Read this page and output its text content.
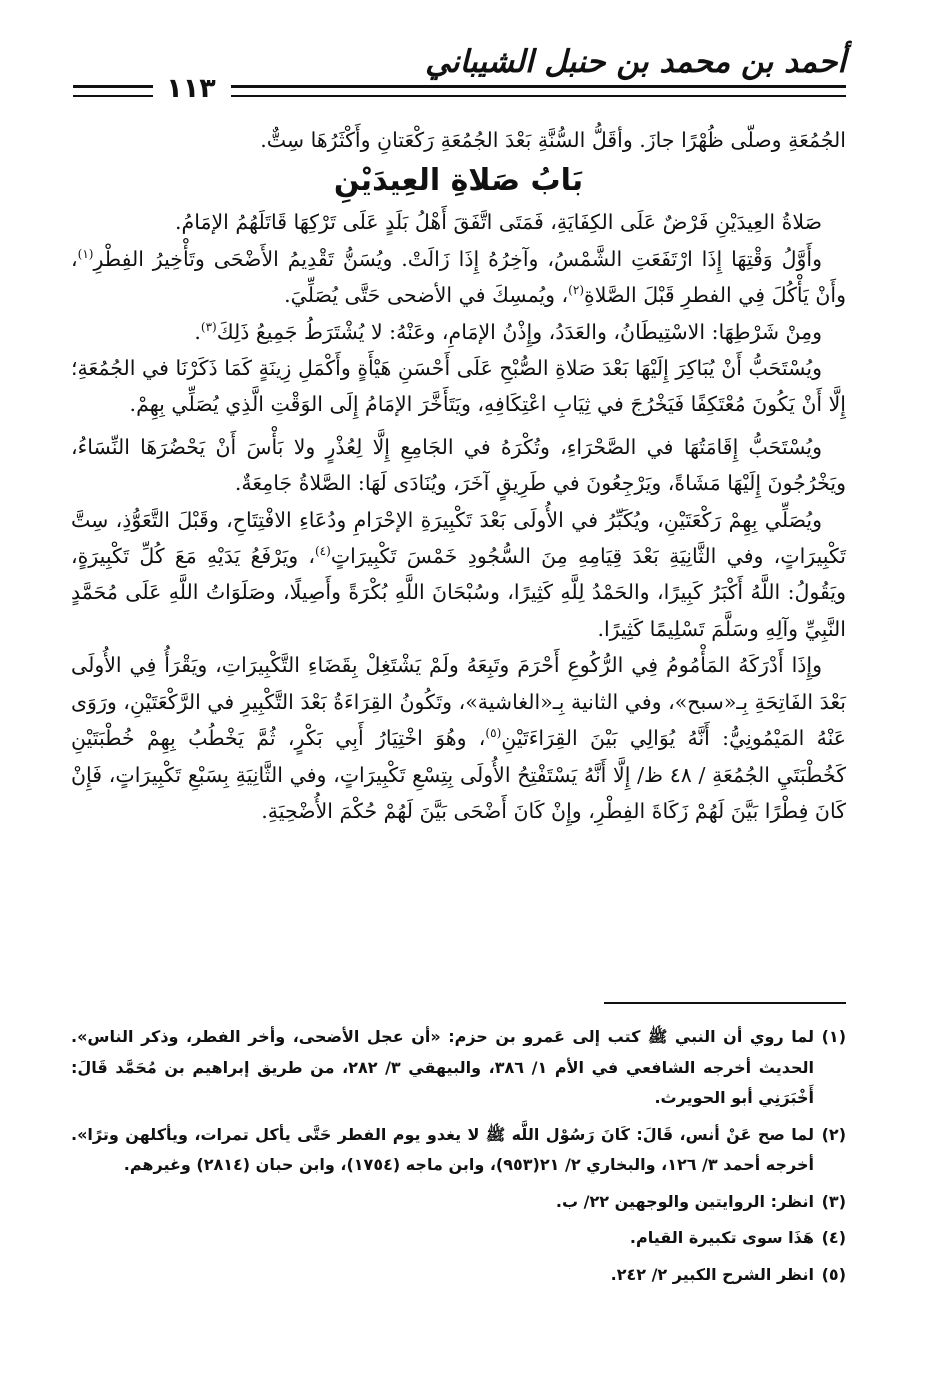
أحمد بن محمد بن حنبل الشيباني
١١٣

الجُمُعَةِ وصلّى ظُهْرًا جازَ. وأقَلُّ السُّنَّةِ بَعْدَ الجُمُعَةِ رَكْعَتانِ وأَكْثَرُهَا سِتٌّ.

بَابُ صَلاةِ العِيدَيْنِ

صَلاةُ العِيدَيْنِ فَرْضٌ عَلَى الكِفَايَةِ، فَمَتَى اتَّفَقَ أَهْلُ بَلَدٍ عَلَى تَرْكِهَا قَاتَلَهُمُ الإمَامُ.

وأَوَّلُ وَقْتِهَا إِذَا ارْتَفَعَتِ الشَّمْسُ، وآخِرُهُ إِذَا زَالَتْ. ويُسَنُّ تَقْدِيمُ الأَضْحَى وتَأْخِيرُ الفِطْرِ$^{(١)}$، وأَنْ يَأْكُلَ فِي الفطرِ قَبْلَ الصَّلاةِ$^{(٢)}$، ويُمسِكَ في الأضحى حَتَّى يُصَلِّيَ.

ومِنْ شَرْطِهَا: الاسْتِيطَانُ، والعَدَدُ، وإِذْنُ الإمَامِ، وعَنْهُ: لا يُشْتَرَطُ جَمِيعُ ذَلِكَ$^{(٣)}$.

ويُسْتَحَبُّ أَنْ يُبَاكِرَ إِلَيْهَا بَعْدَ صَلاةِ الصُّبْحِ عَلَى أَحْسَنِ هَيْأَةٍ وأَكْمَلِ زِينَةٍ كَمَا ذَكَرْنَا في الجُمُعَةِ؛ إِلَّا أَنْ يَكُونَ مُعْتَكِفًا فَيَخْرُجَ في ثِيَابِ اعْتِكَافِهِ، ويَتَأَخَّرَ الإمَامُ إِلَى الوَقْتِ الَّذِي يُصَلِّي بِهِمْ.

ويُسْتَحَبُّ إِقَامَتُهَا في الصَّحْرَاءِ، وتُكْرَهُ في الجَامِعِ إِلَّا لِعُذْرٍ ولا بَأْسَ أَنْ يَحْضُرَهَا النِّسَاءُ، ويَخْرُجُونَ إِلَيْهَا مَشَاةً، ويَرْجِعُونَ في طَرِيقٍ آخَرَ، ويُنَادَى لَهَا: الصَّلاةُ جَامِعَةٌ.

ويُصَلِّي بِهِمْ رَكْعَتَيْنِ، ويُكَبِّرُ في الأُولَى بَعْدَ تَكْبِيرَةِ الإحْرَامِ ودُعَاءِ الافْتِتَاحِ، وقَبْلَ التَّعَوُّذِ، سِتَّ تَكْبِيرَاتٍ، وفي الثَّانِيَةِ بَعْدَ قِيَامِهِ مِنَ السُّجُودِ خَمْسَ تَكْبِيرَاتٍ$^{(٤)}$، ويَرْفَعُ يَدَيْهِ مَعَ كُلِّ تَكْبِيرَةٍ، ويَقُولُ: اللَّهُ أَكْبَرُ كَبِيرًا، والحَمْدُ لِلَّهِ كَثِيرًا، وسُبْحَانَ اللَّهِ بُكْرَةً وأَصِيلًا، وصَلَوَاتُ اللَّهِ عَلَى مُحَمَّدٍ النَّبِيِّ وآلِهِ وسَلَّمَ تَسْلِيمًا كَثِيرًا.

وإِذَا أَدْرَكَهُ المَأْمُومُ فِي الرُّكُوعِ أَحْرَمَ وتَبِعَهُ ولَمْ يَشْتَغِلْ بِقَضَاءِ التَّكْبِيرَاتِ، ويَقْرَأُ فِي الأُولَى بَعْدَ الفَاتِحَةِ بِـ«سبح»، وفي الثانية بِـ«الغاشية»، وتَكُونُ القِرَاءَةُ بَعْدَ التَّكْبِيرِ في الرَّكْعَتَيْنِ، ورَوَى عَنْهُ المَيْمُونِيُّ: أَنَّهُ يُوَالِي بَيْنَ القِرَاءَتَيْنِ$^{(٥)}$، وهُوَ اخْتِيَارُ أَبِي بَكْرٍ، ثُمَّ يَخْطُبُ بِهِمْ خُطْبَتَيْنِ كَخُطْبَتَيِ الجُمُعَةِ / ٤٨ ظ/ إِلَّا أَنَّهُ يَسْتَفْتِحُ الأُولَى بِتِسْعِ تَكْبِيرَاتٍ، وفي الثَّانِيَةِ بِسَبْعِ تَكْبِيرَاتٍ، فَإِنْ كَانَ فِطْرًا بَيَّنَ لَهُمْ زَكَاةَ الفِطْرِ، وإِنْ كَانَ أَضْحَى بَيَّنَ لَهُمْ حُكْمَ الأُضْحِيَةِ.

(١)
لما روي أن النبي ﷺ كتب إلى عَمرو بن حزم: «أن عجل الأضحى، وأخر الفطر، وذكر الناس». الحديث أخرجه الشافعي في الأم ١/ ٣٨٦، والبيهقي ٣/ ٢٨٢، من طريق إبراهيم بن مُحَمَّد قَالَ: أَخْبَرَنِي أبو الحويرث.
(٢)
لما صح عَنْ أنس، قَالَ: كَانَ رَسُوْل اللَّه ﷺ لا يغدو يوم الفطر حَتَّى يأكل تمرات، ويأكلهن وترًا». أخرجه أحمد ٣/ ١٢٦، والبخاري ٢/ ٢١(٩٥٣)، وابن ماجه (١٧٥٤)، وابن حبان (٢٨١٤) وغيرهم.
(٣)
انظر: الروايتين والوجهين ٢٢/ ب.
(٤)
هَذَا سوى تكبيرة القيام.
(٥)
انظر الشرح الكبير ٢/ ٢٤٢.
